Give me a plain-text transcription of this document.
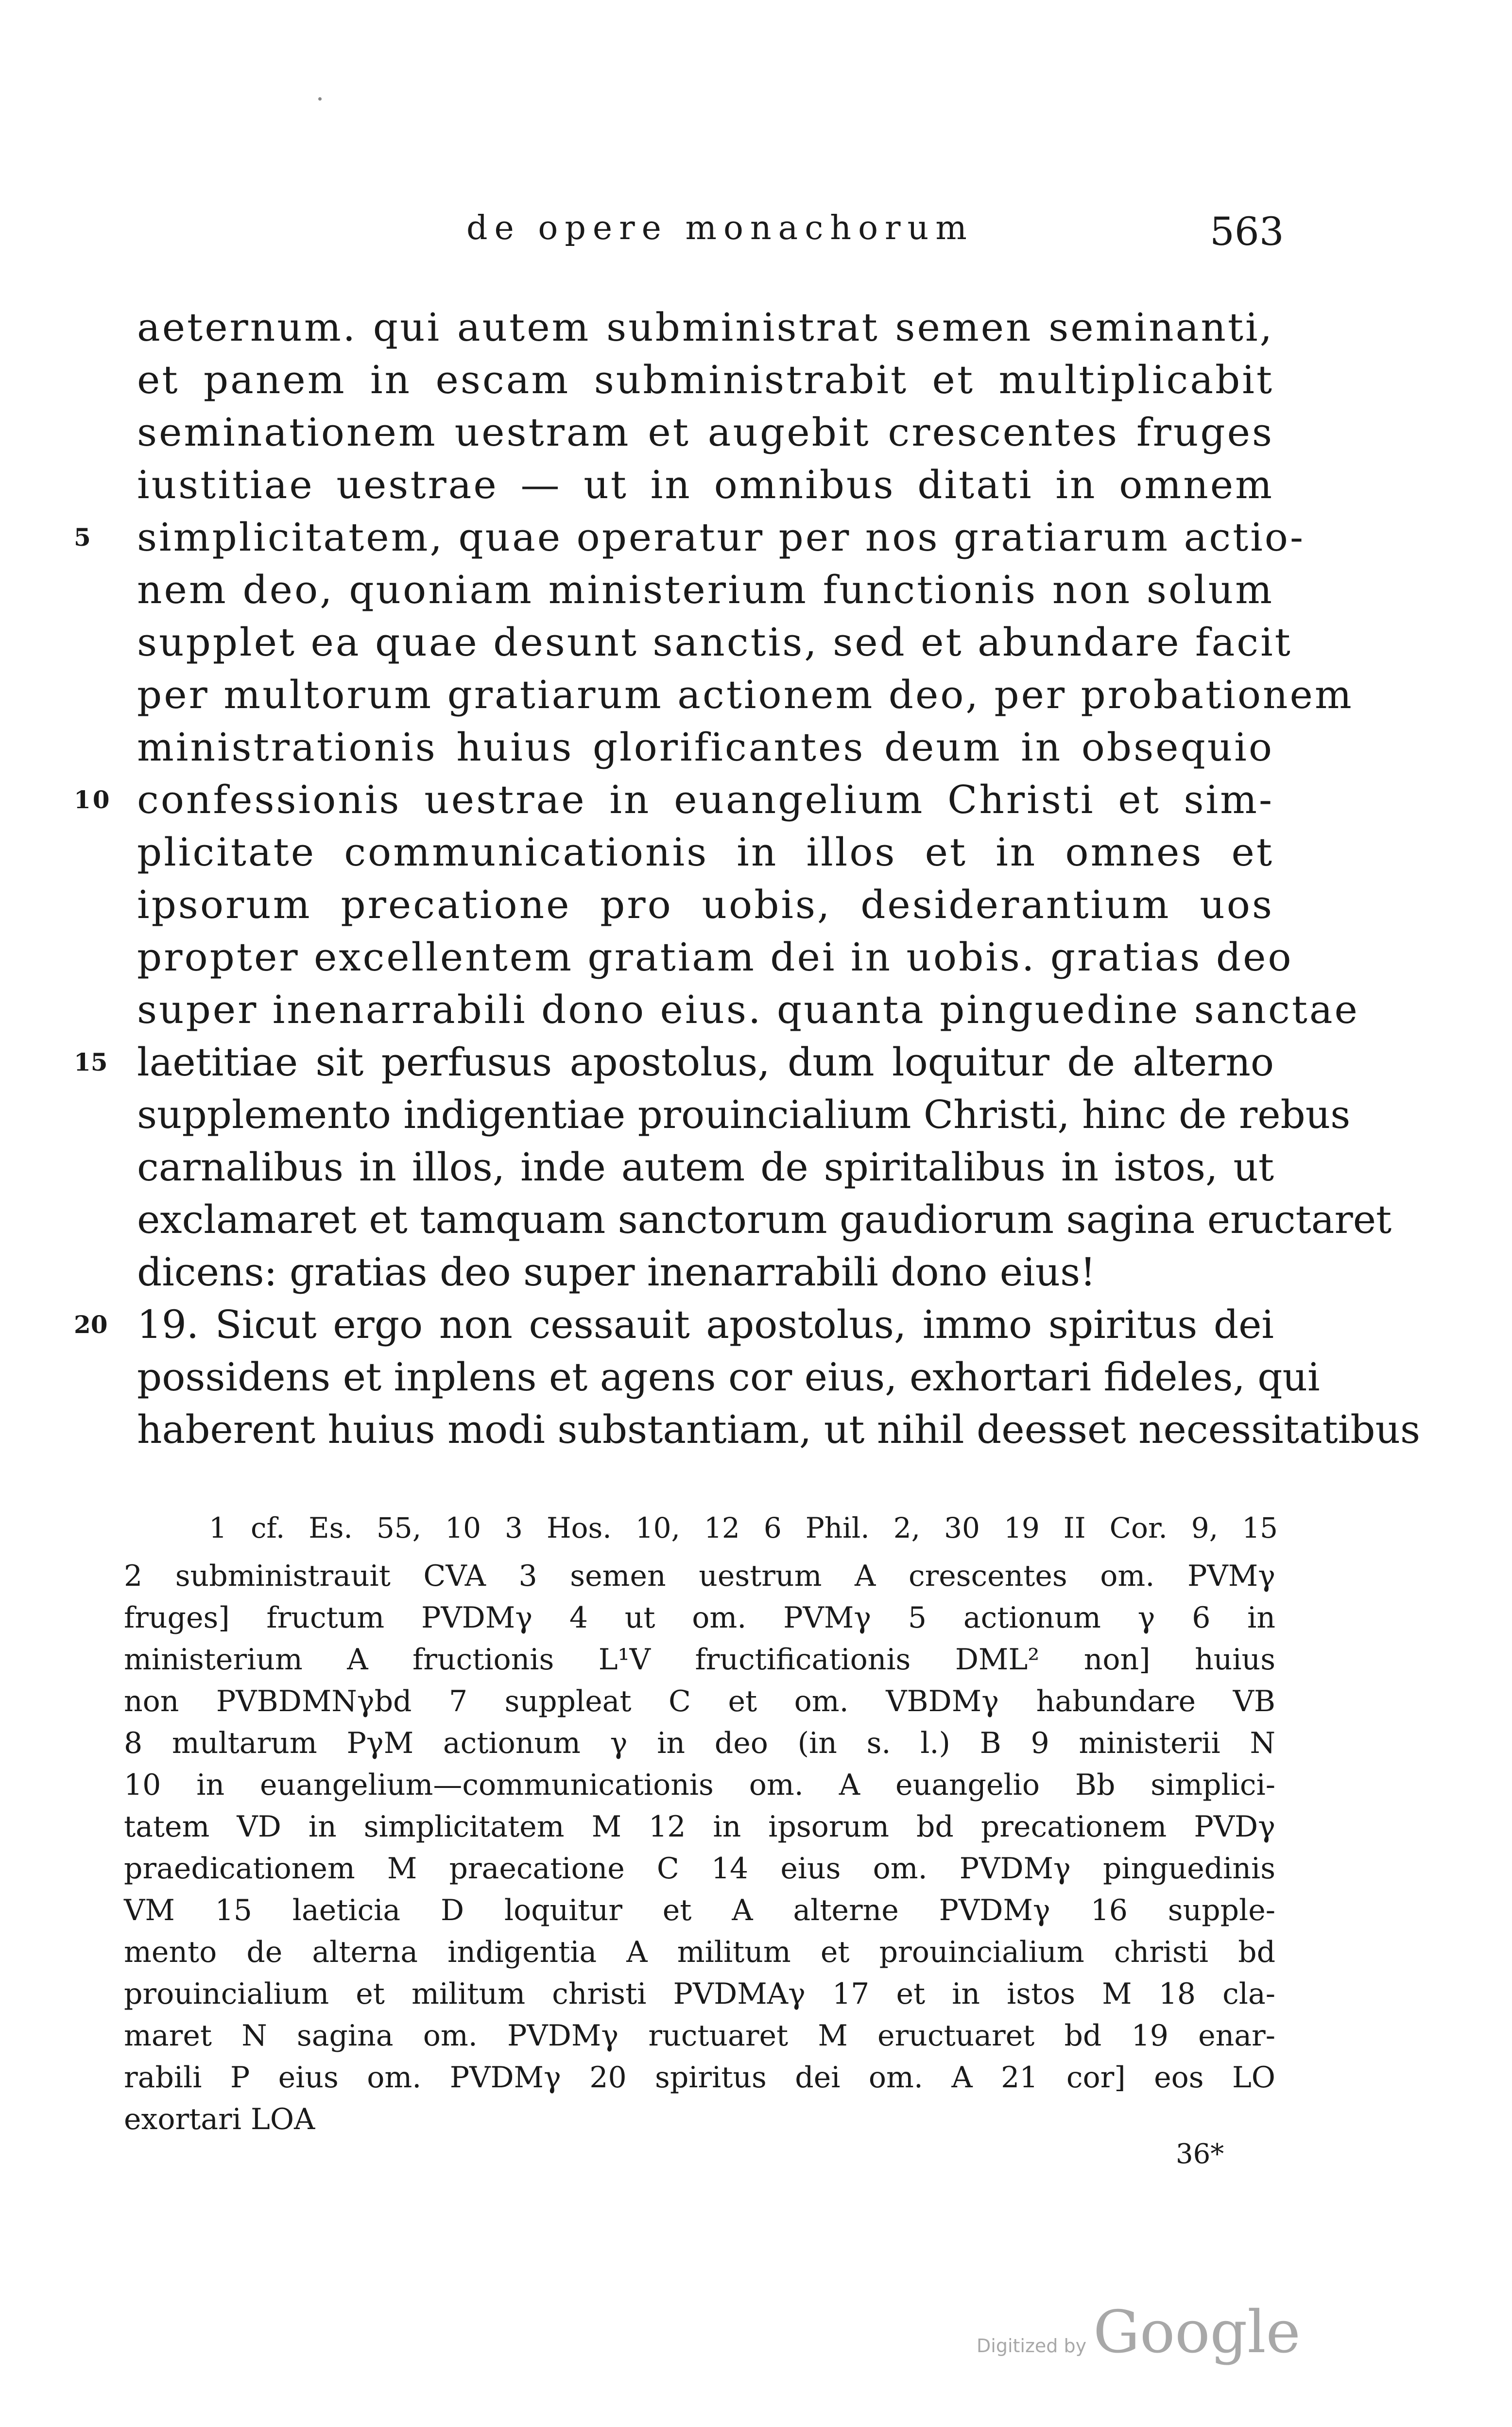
de opere monachorum	563
aeternum. qui autem subministrat semen seminanti,
et panem in escam subministrabit et multiplicabit
seminationem uestram et augebit crescentes fruges
iustitiae uestrae — ut in omnibus ditati in omnem
5 simplicitatem, quae operatur per nos gratiarum actio-
nem deo, quoniam ministerium functionis non solum
supplet ea quae desunt sanctis, sed et abundare facit
per multorum gratiarum actionem deo, per probationem
ministrationis huius glorificantes deum in obsequio
10 confessionis uestrae in euangelium Christi et sim-
plicitate communicationis in illos et in omnes et
ipsorum precatione pro uobis, desiderantium uos
propter excellentem gratiam dei in uobis. gratias deo
super inenarrabili dono eius. quanta pinguedine sanctae
15 laetitiae sit perfusus apostolus, dum loquitur de alterno
supplemento indigentiae prouincialium Christi, hinc de rebus
carnalibus in illos, inde autem de spiritalibus in istos, ut
exclamaret et tamquam sanctorum gaudiorum sagina eructaret
dicens: gratias deo super inenarrabili dono eius!
20 19. Sicut ergo non cessauit apostolus, immo spiritus dei
possidens et inplens et agens cor eius, exhortari fideles, qui
haberent huius modi substantiam, ut nihil deesset necessitatibus
1 cf. Es. 55, 10 3 Hos. 10, 12 6 Phil. 2, 30 19 II Cor. 9, 15
2 subministrauit CVA 3 semen uestrum A crescentes om. PVMγ
fruges] fructum PVDMγ 4 ut om. PVMγ 5 actionum γ 6 in
ministerium A fructionis L¹V fructificationis DML² non] huius
non PVBDMNγbd 7 suppleat C et om. VBDMγ habundare VB
8 multarum PγM actionum γ in deo (in s. l.) B 9 ministerii N
10 in euangelium—communicationis om. A euangelio Bb simplici-
tatem VD in simplicitatem M 12 in ipsorum bd precationem PVDγ
praedicationem M praecatione C 14 eius om. PVDMγ pinguedinis
VM 15 laeticia D loquitur et A alterne PVDMγ 16 supple-
mento de alterna indigentia A militum et prouincialium christi bd
prouincialium et militum christi PVDMAγ 17 et in istos M 18 cla-
maret N sagina om. PVDMγ ructuaret M eructuaret bd 19 enar-
rabili P eius om. PVDMγ 20 spiritus dei om. A 21 cor] eos LO
exortari LOA
36*
Digitized by Google
